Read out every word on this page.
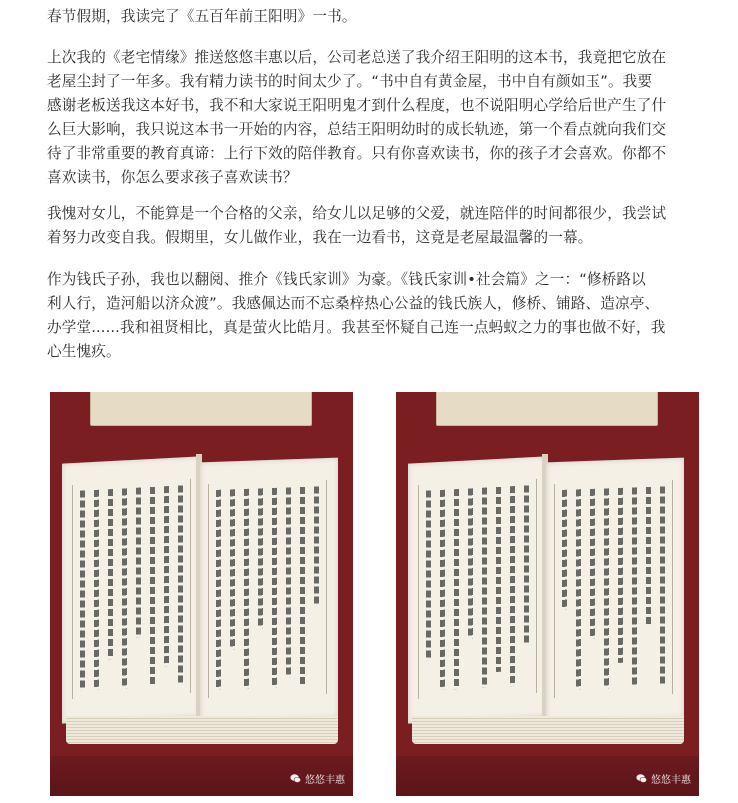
春节假期，我读完了《五百年前王阳明》一书。

上次我的《老宅情缘》推送悠悠丰惠以后，公司老总送了我介绍王阳明的这本书，我竟把它放在
老屋尘封了一年多。我有精力读书的时间太少了。“书中自有黄金屋，书中自有颜如玉”。我要
感谢老板送我这本好书，我不和大家说王阳明鬼才到什么程度，也不说阳明心学给后世产生了什
么巨大影响，我只说这本书一开始的内容，总结王阳明幼时的成长轨迹，第一个看点就向我们交
待了非常重要的教育真谛：上行下效的陪伴教育。只有你喜欢读书，你的孩子才会喜欢。你都不
喜欢读书，你怎么要求孩子喜欢读书？

我愧对女儿，不能算是一个合格的父亲，给女儿以足够的父爱，就连陪伴的时间都很少，我尝试
着努力改变自我。假期里，女儿做作业，我在一边看书，这竟是老屋最温馨的一幕。

作为钱氏子孙，我也以翻阅、推介《钱氏家训》为豪。《钱氏家训•社会篇》之一：“修桥路以
利人行，造河船以济众渡”。我感佩达而不忘桑梓热心公益的钱氏族人，修桥、铺路、造凉亭、
办学堂......我和祖贤相比，真是萤火比皓月。我甚至怀疑自己连一点蚂蚁之力的事也做不好，我
心生愧疚。

悠悠丰惠	悠悠丰惠
